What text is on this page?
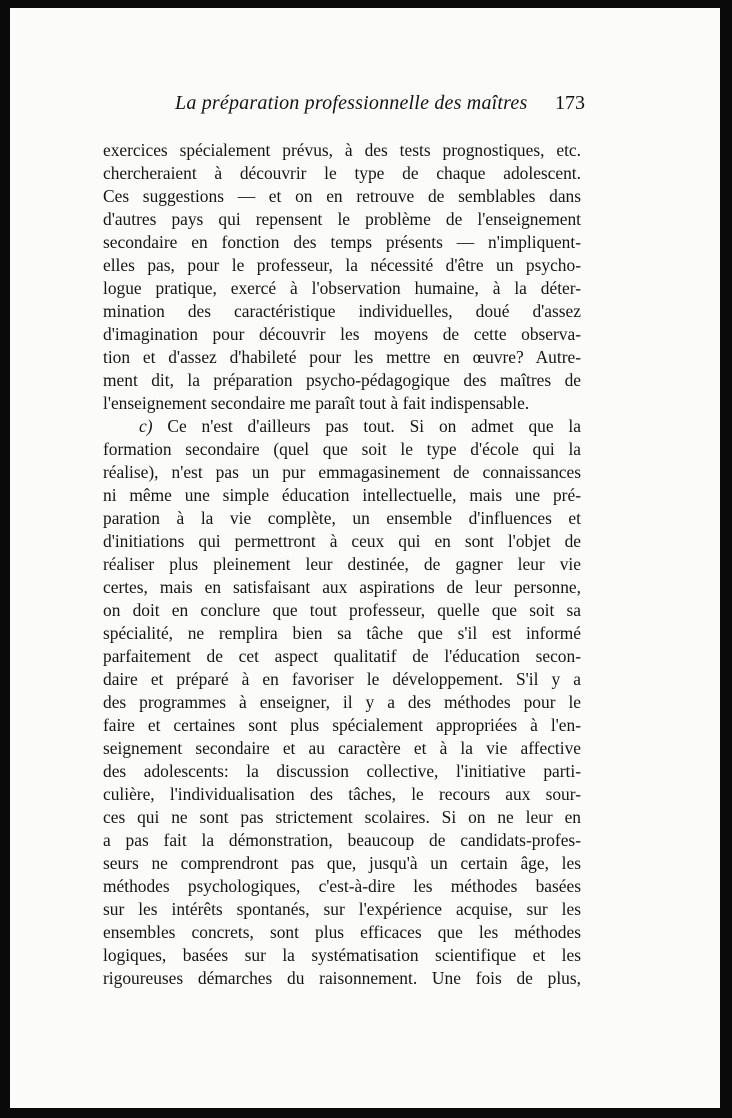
La préparation professionnelle des maîtres 173
exercices spécialement prévus, à des tests prognostiques, etc.
chercheraient à découvrir le type de chaque adolescent.
Ces suggestions — et on en retrouve de semblables dans
d'autres pays qui repensent le problème de l'enseignement
secondaire en fonction des temps présents — n'impliquent-
elles pas, pour le professeur, la nécessité d'être un psycho-
logue pratique, exercé à l'observation humaine, à la déter-
mination des caractéristique individuelles, doué d'assez
d'imagination pour découvrir les moyens de cette observa-
tion et d'assez d'habileté pour les mettre en œuvre? Autre-
ment dit, la préparation psycho-pédagogique des maîtres de
l'enseignement secondaire me paraît tout à fait indispensable.
c) Ce n'est d'ailleurs pas tout. Si on admet que la
formation secondaire (quel que soit le type d'école qui la
réalise), n'est pas un pur emmagasinement de connaissances
ni même une simple éducation intellectuelle, mais une pré-
paration à la vie complète, un ensemble d'influences et
d'initiations qui permettront à ceux qui en sont l'objet de
réaliser plus pleinement leur destinée, de gagner leur vie
certes, mais en satisfaisant aux aspirations de leur personne,
on doit en conclure que tout professeur, quelle que soit sa
spécialité, ne remplira bien sa tâche que s'il est informé
parfaitement de cet aspect qualitatif de l'éducation secon-
daire et préparé à en favoriser le développement. S'il y a
des programmes à enseigner, il y a des méthodes pour le
faire et certaines sont plus spécialement appropriées à l'en-
seignement secondaire et au caractère et à la vie affective
des adolescents: la discussion collective, l'initiative parti-
culière, l'individualisation des tâches, le recours aux sour-
ces qui ne sont pas strictement scolaires. Si on ne leur en
a pas fait la démonstration, beaucoup de candidats-profes-
seurs ne comprendront pas que, jusqu'à un certain âge, les
méthodes psychologiques, c'est-à-dire les méthodes basées
sur les intérêts spontanés, sur l'expérience acquise, sur les
ensembles concrets, sont plus efficaces que les méthodes
logiques, basées sur la systématisation scientifique et les
rigoureuses démarches du raisonnement. Une fois de plus,
